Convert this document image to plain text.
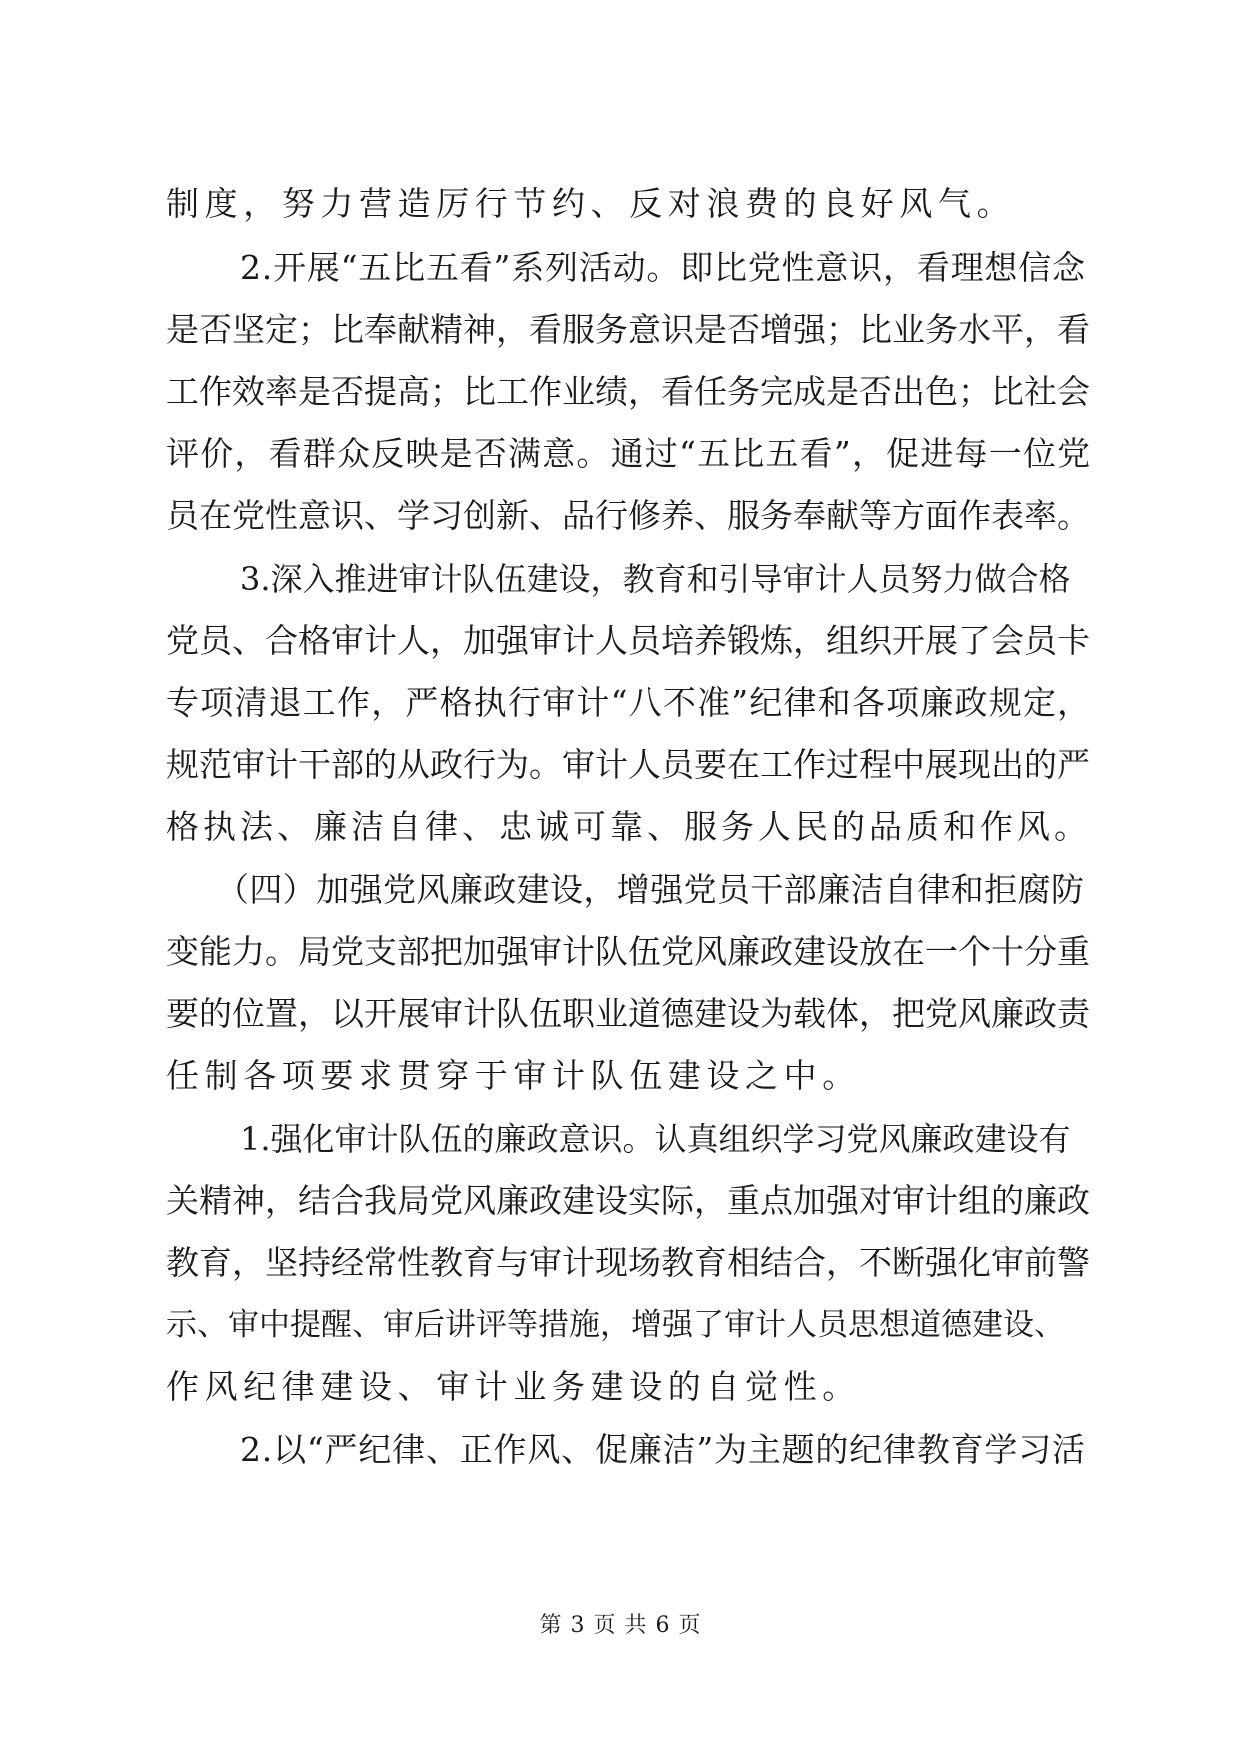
制度，努力营造厉行节约、反对浪费的良好风气。
2.开展“五比五看”系列活动。即比党性意识，看理想信念
是否坚定；比奉献精神，看服务意识是否增强；比业务水平，看
工作效率是否提高；比工作业绩，看任务完成是否出色；比社会
评价，看群众反映是否满意。通过“五比五看”，促进每一位党
员在党性意识、学习创新、品行修养、服务奉献等方面作表率。
3.深入推进审计队伍建设，教育和引导审计人员努力做合格
党员、合格审计人，加强审计人员培养锻炼，组织开展了会员卡
专项清退工作，严格执行审计“八不准”纪律和各项廉政规定，
规范审计干部的从政行为。审计人员要在工作过程中展现出的严
格执法、廉洁自律、忠诚可靠、服务人民的品质和作风。
（四）加强党风廉政建设，增强党员干部廉洁自律和拒腐防
变能力。局党支部把加强审计队伍党风廉政建设放在一个十分重
要的位置，以开展审计队伍职业道德建设为载体，把党风廉政责
任制各项要求贯穿于审计队伍建设之中。
1.强化审计队伍的廉政意识。认真组织学习党风廉政建设有
关精神，结合我局党风廉政建设实际，重点加强对审计组的廉政
教育，坚持经常性教育与审计现场教育相结合，不断强化审前警
示、审中提醒、审后讲评等措施，增强了审计人员思想道德建设、
作风纪律建设、审计业务建设的自觉性。
2.以“严纪律、正作风、促廉洁”为主题的纪律教育学习活
第 3 页 共 6 页
